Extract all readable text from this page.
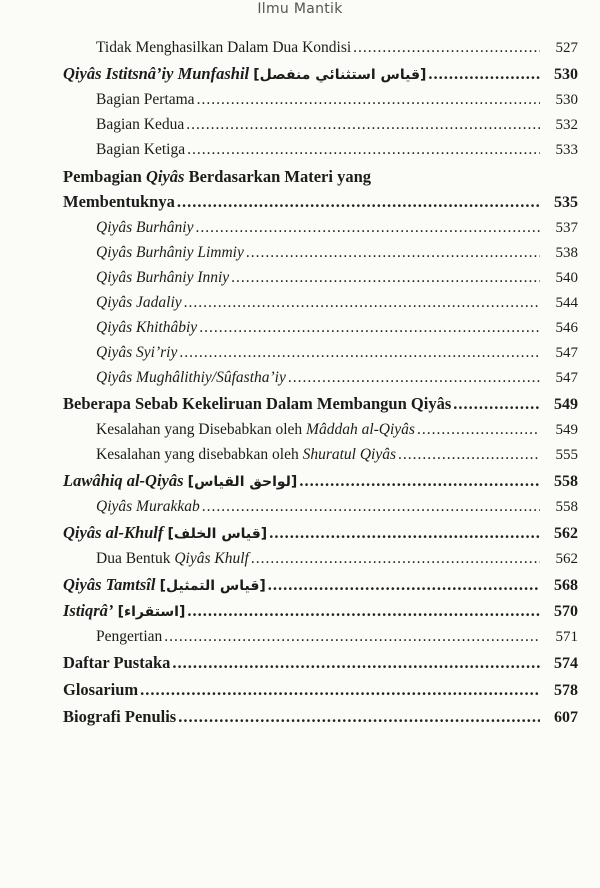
Ilmu Mantik
Tidak Menghasilkan Dalam Dua Kondisi .....	527
Qiyâs Istitsnâ’iy Munfashil [قياس استثنائي منفصل] .....	530
Bagian Pertama .....	530
Bagian Kedua .....	532
Bagian Ketiga .....	533
Pembagian Qiyâs Berdasarkan Materi yang
Membentuknya .....	535
Qiyâs Burhâniy .....	537
Qiyâs Burhâniy Limmiy .....	538
Qiyâs Burhâniy Inniy .....	540
Qiyâs Jadaliy .....	544
Qiyâs Khithâbiy .....	546
Qiyâs Syi’riy .....	547
Qiyâs Mughâlithiy/Sûfastha’iy .....	547
Beberapa Sebab Kekeliruan Dalam Membangun Qiyâs .....	549
Kesalahan yang Disebabkan oleh Mâddah al-Qiyâs .....	549
Kesalahan yang disebabkan oleh Shuratul Qiyâs .....	555
Lawâhiq al-Qiyâs [لواحق القياس] .....	558
Qiyâs Murakkab .....	558
Qiyâs al-Khulf [قياس الخلف] .....	562
Dua Bentuk Qiyâs Khulf .....	562
Qiyâs Tamtsîl [قياس التمثيل] .....	568
Istiqrâ’ [استقراء] .....	570
Pengertian .....	571
Daftar Pustaka .....	574
Glosarium .....	578
Biografi Penulis .....	607
